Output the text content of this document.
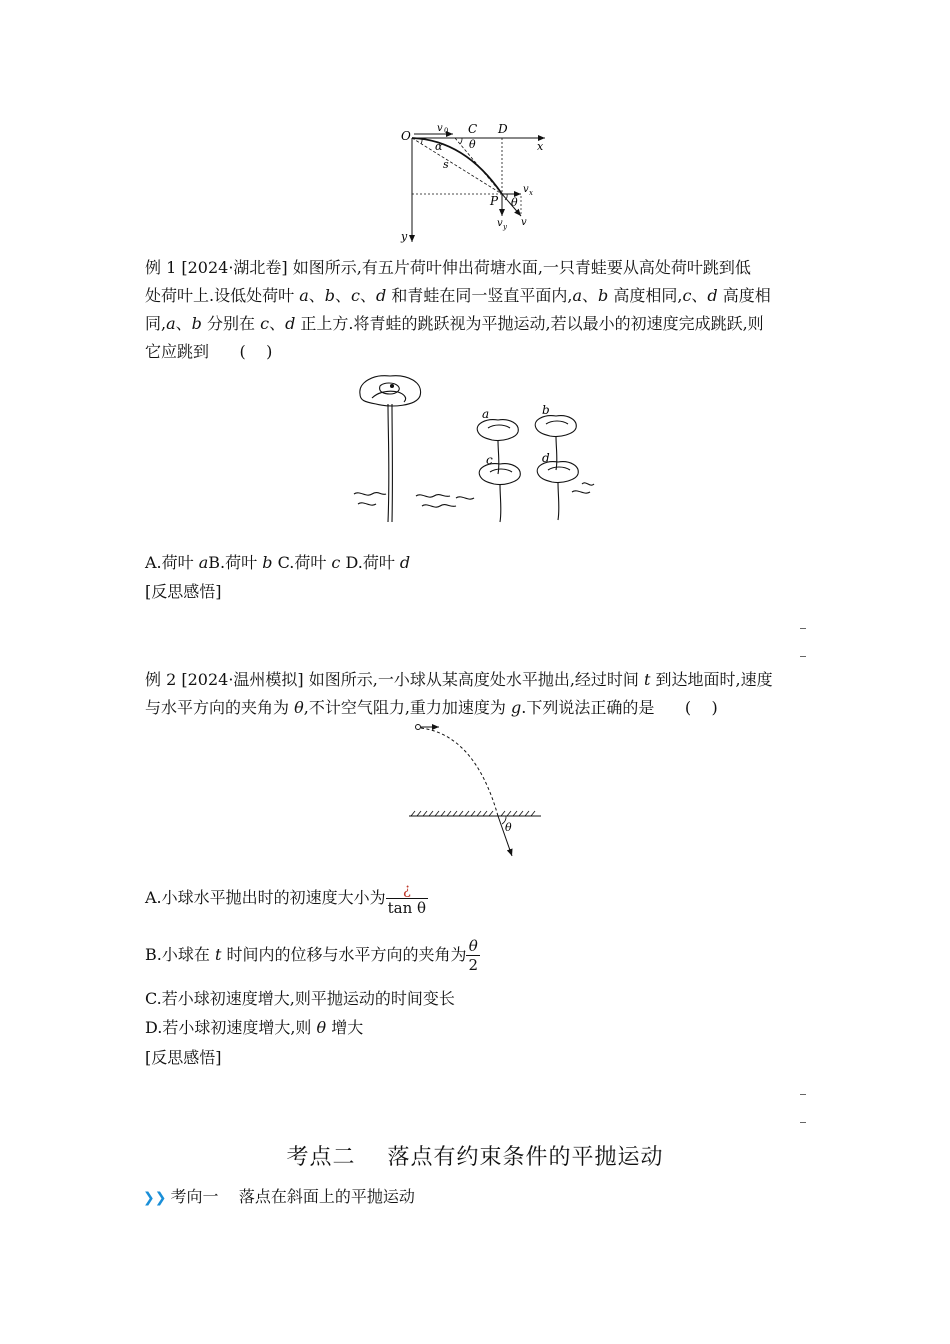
O
v 0 C D
x
θ
α
s
v x
P θ
v y v
y
例 1 [2024·湖北卷] 如图所示,有五片荷叶伸出荷塘水面,一只青蛙要从高处荷叶跳到低
处荷叶上.设低处荷叶 a、b、c、d 和青蛙在同一竖直平面内,a、b 高度相同,c、d 高度相
同,a、b 分别在 c、d 正上方.将青蛙的跳跃视为平抛运动,若以最小的初速度完成跳跃,则
它应跳到      (    )
a	b
c	d
A.荷叶 aB.荷叶 b C.荷叶 c D.荷叶 d
[反思感悟]
例 2 [2024·温州模拟] 如图所示,一小球从某高度处水平抛出,经过时间 t 到达地面时,速度
与水平方向的夹角为 θ,不计空气阻力,重力加速度为 g.下列说法正确的是      (    )
θ
A.小球水平抛出时的初速度大小为 $\frac{¿}{\text{tan θ}}$
B.小球在 t 时间内的位移与水平方向的夹角为 $\frac{\theta}{2}$
C.若小球初速度增大,则平抛运动的时间变长
D.若小球初速度增大,则 θ 增大
[反思感悟]
考点二    落点有约束条件的平抛运动
❯❯ 考向一    落点在斜面上的平抛运动
